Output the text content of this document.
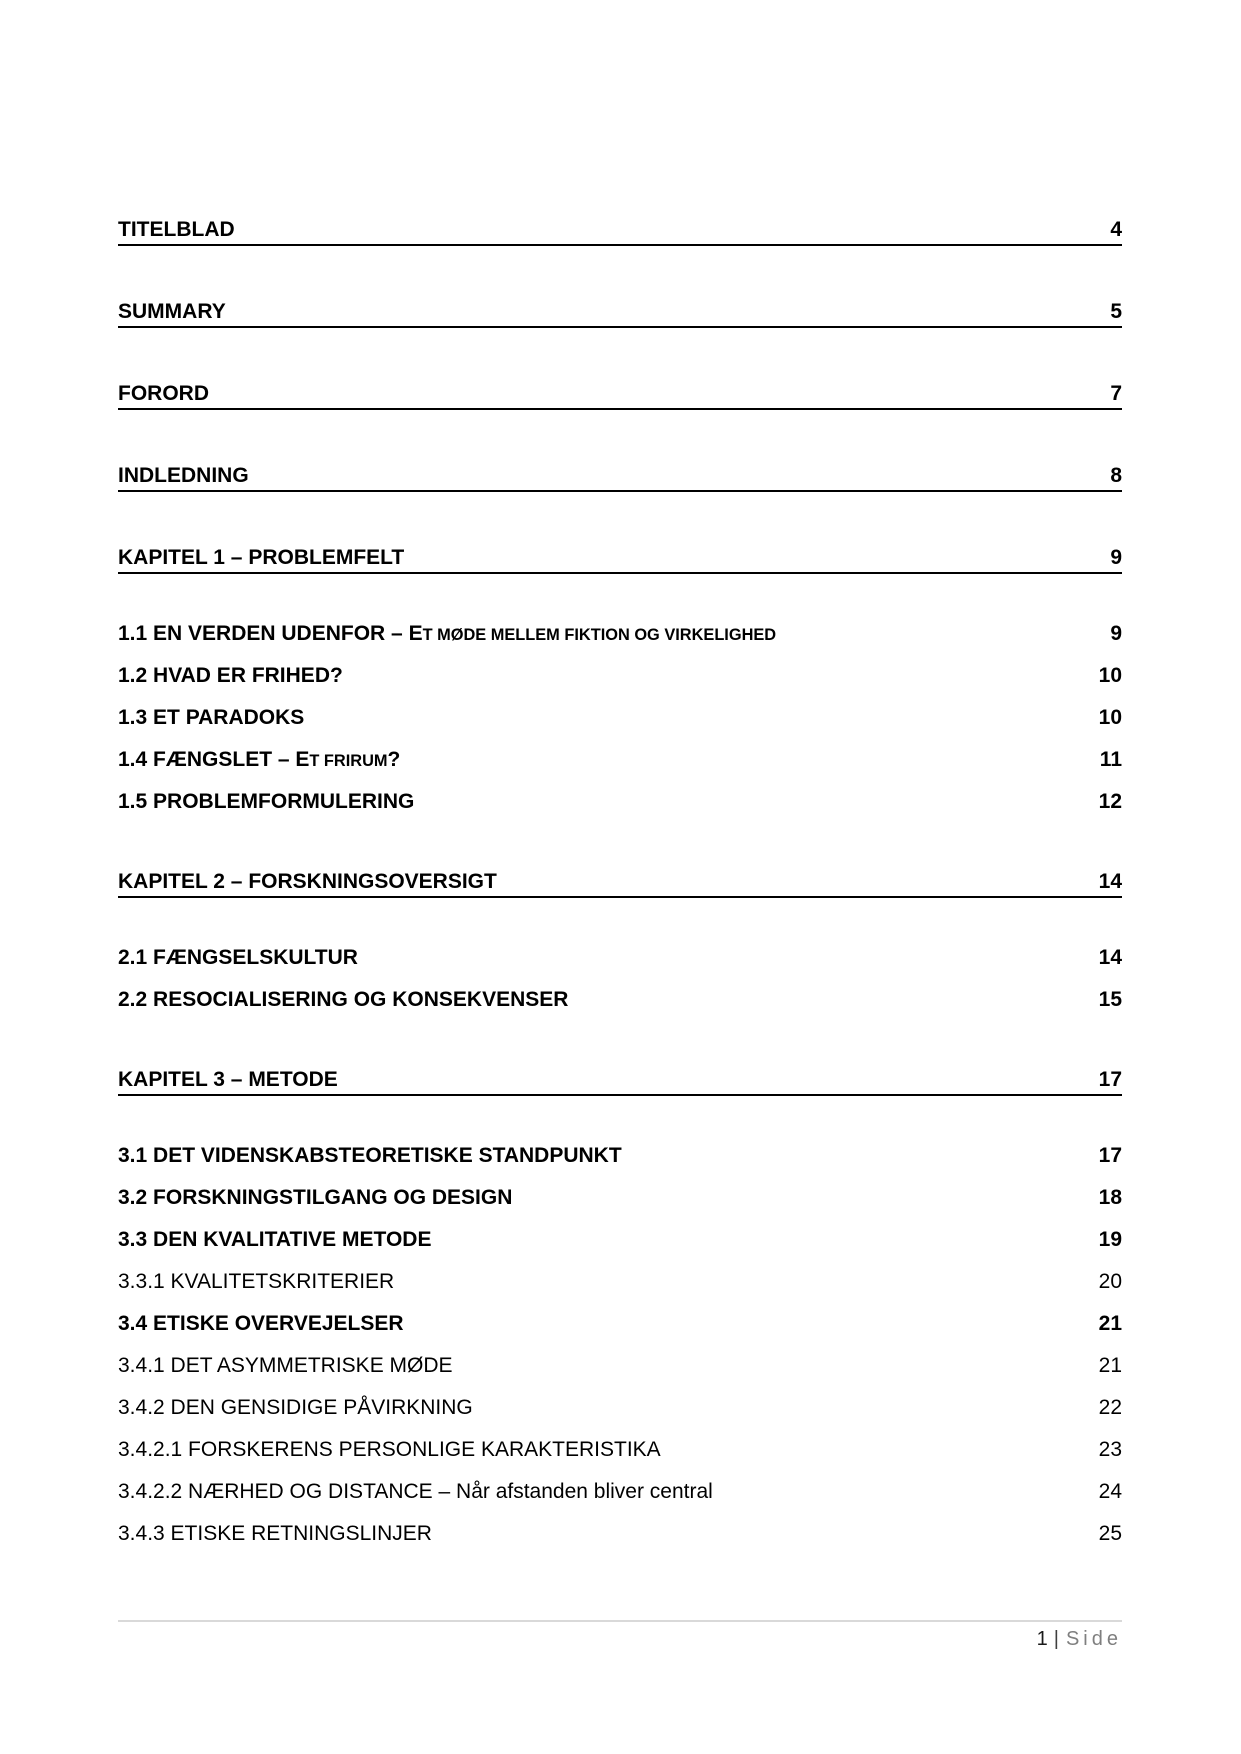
TITELBLAD	4
SUMMARY	5
FORORD	7
INDLEDNING	8
KAPITEL 1 – PROBLEMFELT	9
1.1 EN VERDEN UDENFOR – ET MØDE MELLEM FIKTION OG VIRKELIGHED	9
1.2 HVAD ER FRIHED?	10
1.3 ET PARADOKS	10
1.4 FÆNGSLET – ET FRIRUM?	11
1.5 PROBLEMFORMULERING	12
KAPITEL 2 – FORSKNINGSOVERSIGT	14
2.1 FÆNGSELSKULTUR	14
2.2 RESOCIALISERING OG KONSEKVENSER	15
KAPITEL 3 – METODE	17
3.1 DET VIDENSKABSTEORETISKE STANDPUNKT	17
3.2 FORSKNINGSTILGANG OG DESIGN	18
3.3 DEN KVALITATIVE METODE	19
3.3.1 KVALITETSKRITERIER	20
3.4 ETISKE OVERVEJELSER	21
3.4.1 DET ASYMMETRISKE MØDE	21
3.4.2 DEN GENSIDIGE PÅVIRKNING	22
3.4.2.1 FORSKERENS PERSONLIGE KARAKTERISTIKA	23
3.4.2.2 NÆRHED OG DISTANCE – Når afstanden bliver central	24
3.4.3 ETISKE RETNINGSLINJER	25
1 | Side
